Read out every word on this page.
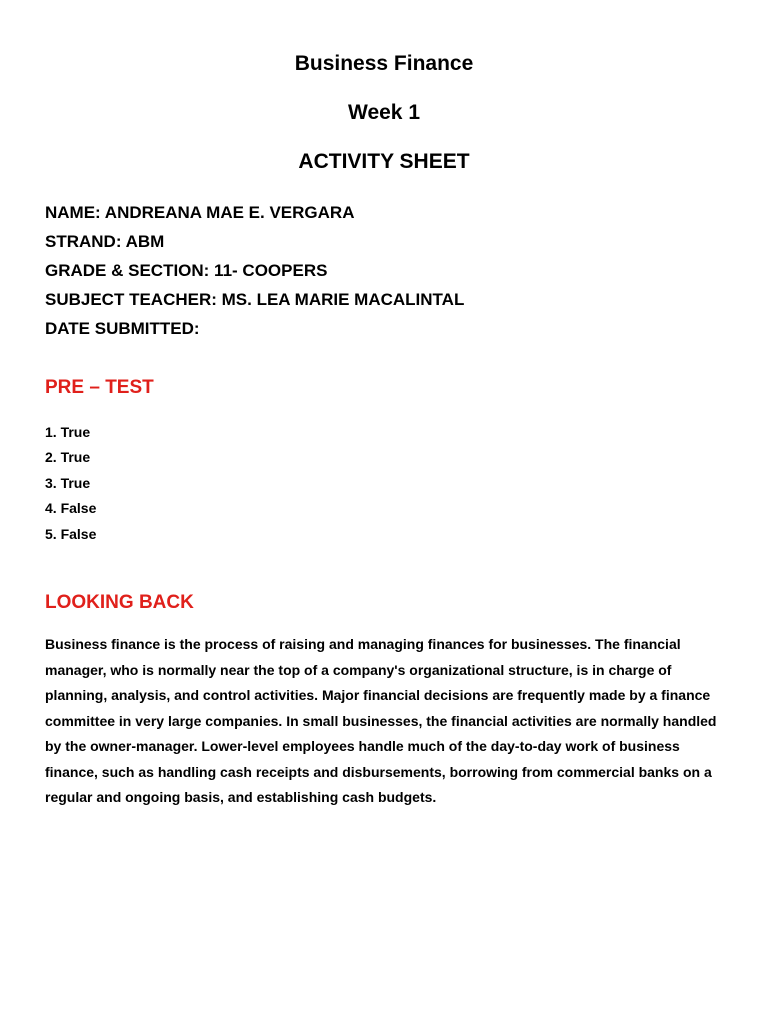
Business Finance
Week 1
ACTIVITY SHEET
NAME: ANDREANA MAE E. VERGARA
STRAND: ABM
GRADE & SECTION: 11- COOPERS
SUBJECT TEACHER: MS. LEA MARIE MACALINTAL
DATE SUBMITTED:
PRE – TEST
1. True
2. True
3. True
4. False
5. False
LOOKING BACK

Business finance is the process of raising and managing finances for businesses. The financial manager, who is normally near the top of a company's organizational structure, is in charge of planning, analysis, and control activities. Major financial decisions are frequently made by a finance committee in very large companies. In small businesses, the financial activities are normally handled by the owner-manager. Lower-level employees handle much of the day-to-day work of business finance, such as handling cash receipts and disbursements, borrowing from commercial banks on a regular and ongoing basis, and establishing cash budgets.
